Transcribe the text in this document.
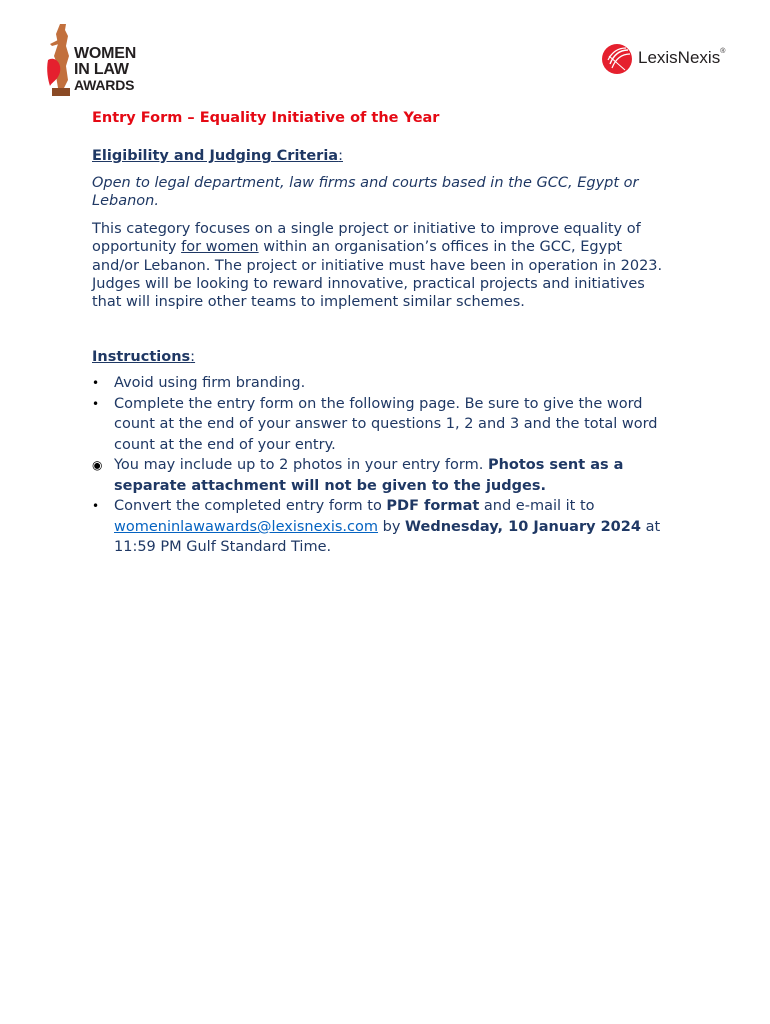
WOMEN
IN LAW
AWARDS
LexisNexis®

Entry Form – Equality Initiative of the Year

Eligibility and Judging Criteria:

Open to legal department, law firms and courts based in the GCC, Egypt or Lebanon.

This category focuses on a single project or initiative to improve equality of opportunity for women within an organisation’s offices in the GCC, Egypt and/or Lebanon. The project or initiative must have been in operation in 2023. Judges will be looking to reward innovative, practical projects and initiatives that will inspire other teams to implement similar schemes.

Instructions:

• Avoid using firm branding.
• Complete the entry form on the following page. Be sure to give the word count at the end of your answer to questions 1, 2 and 3 and the total word count at the end of your entry.
◉ You may include up to 2 photos in your entry form. Photos sent as a separate attachment will not be given to the judges.
• Convert the completed entry form to PDF format and e-mail it to womeninlawawards@lexisnexis.com by Wednesday, 10 January 2024 at 11:59 PM Gulf Standard Time.
